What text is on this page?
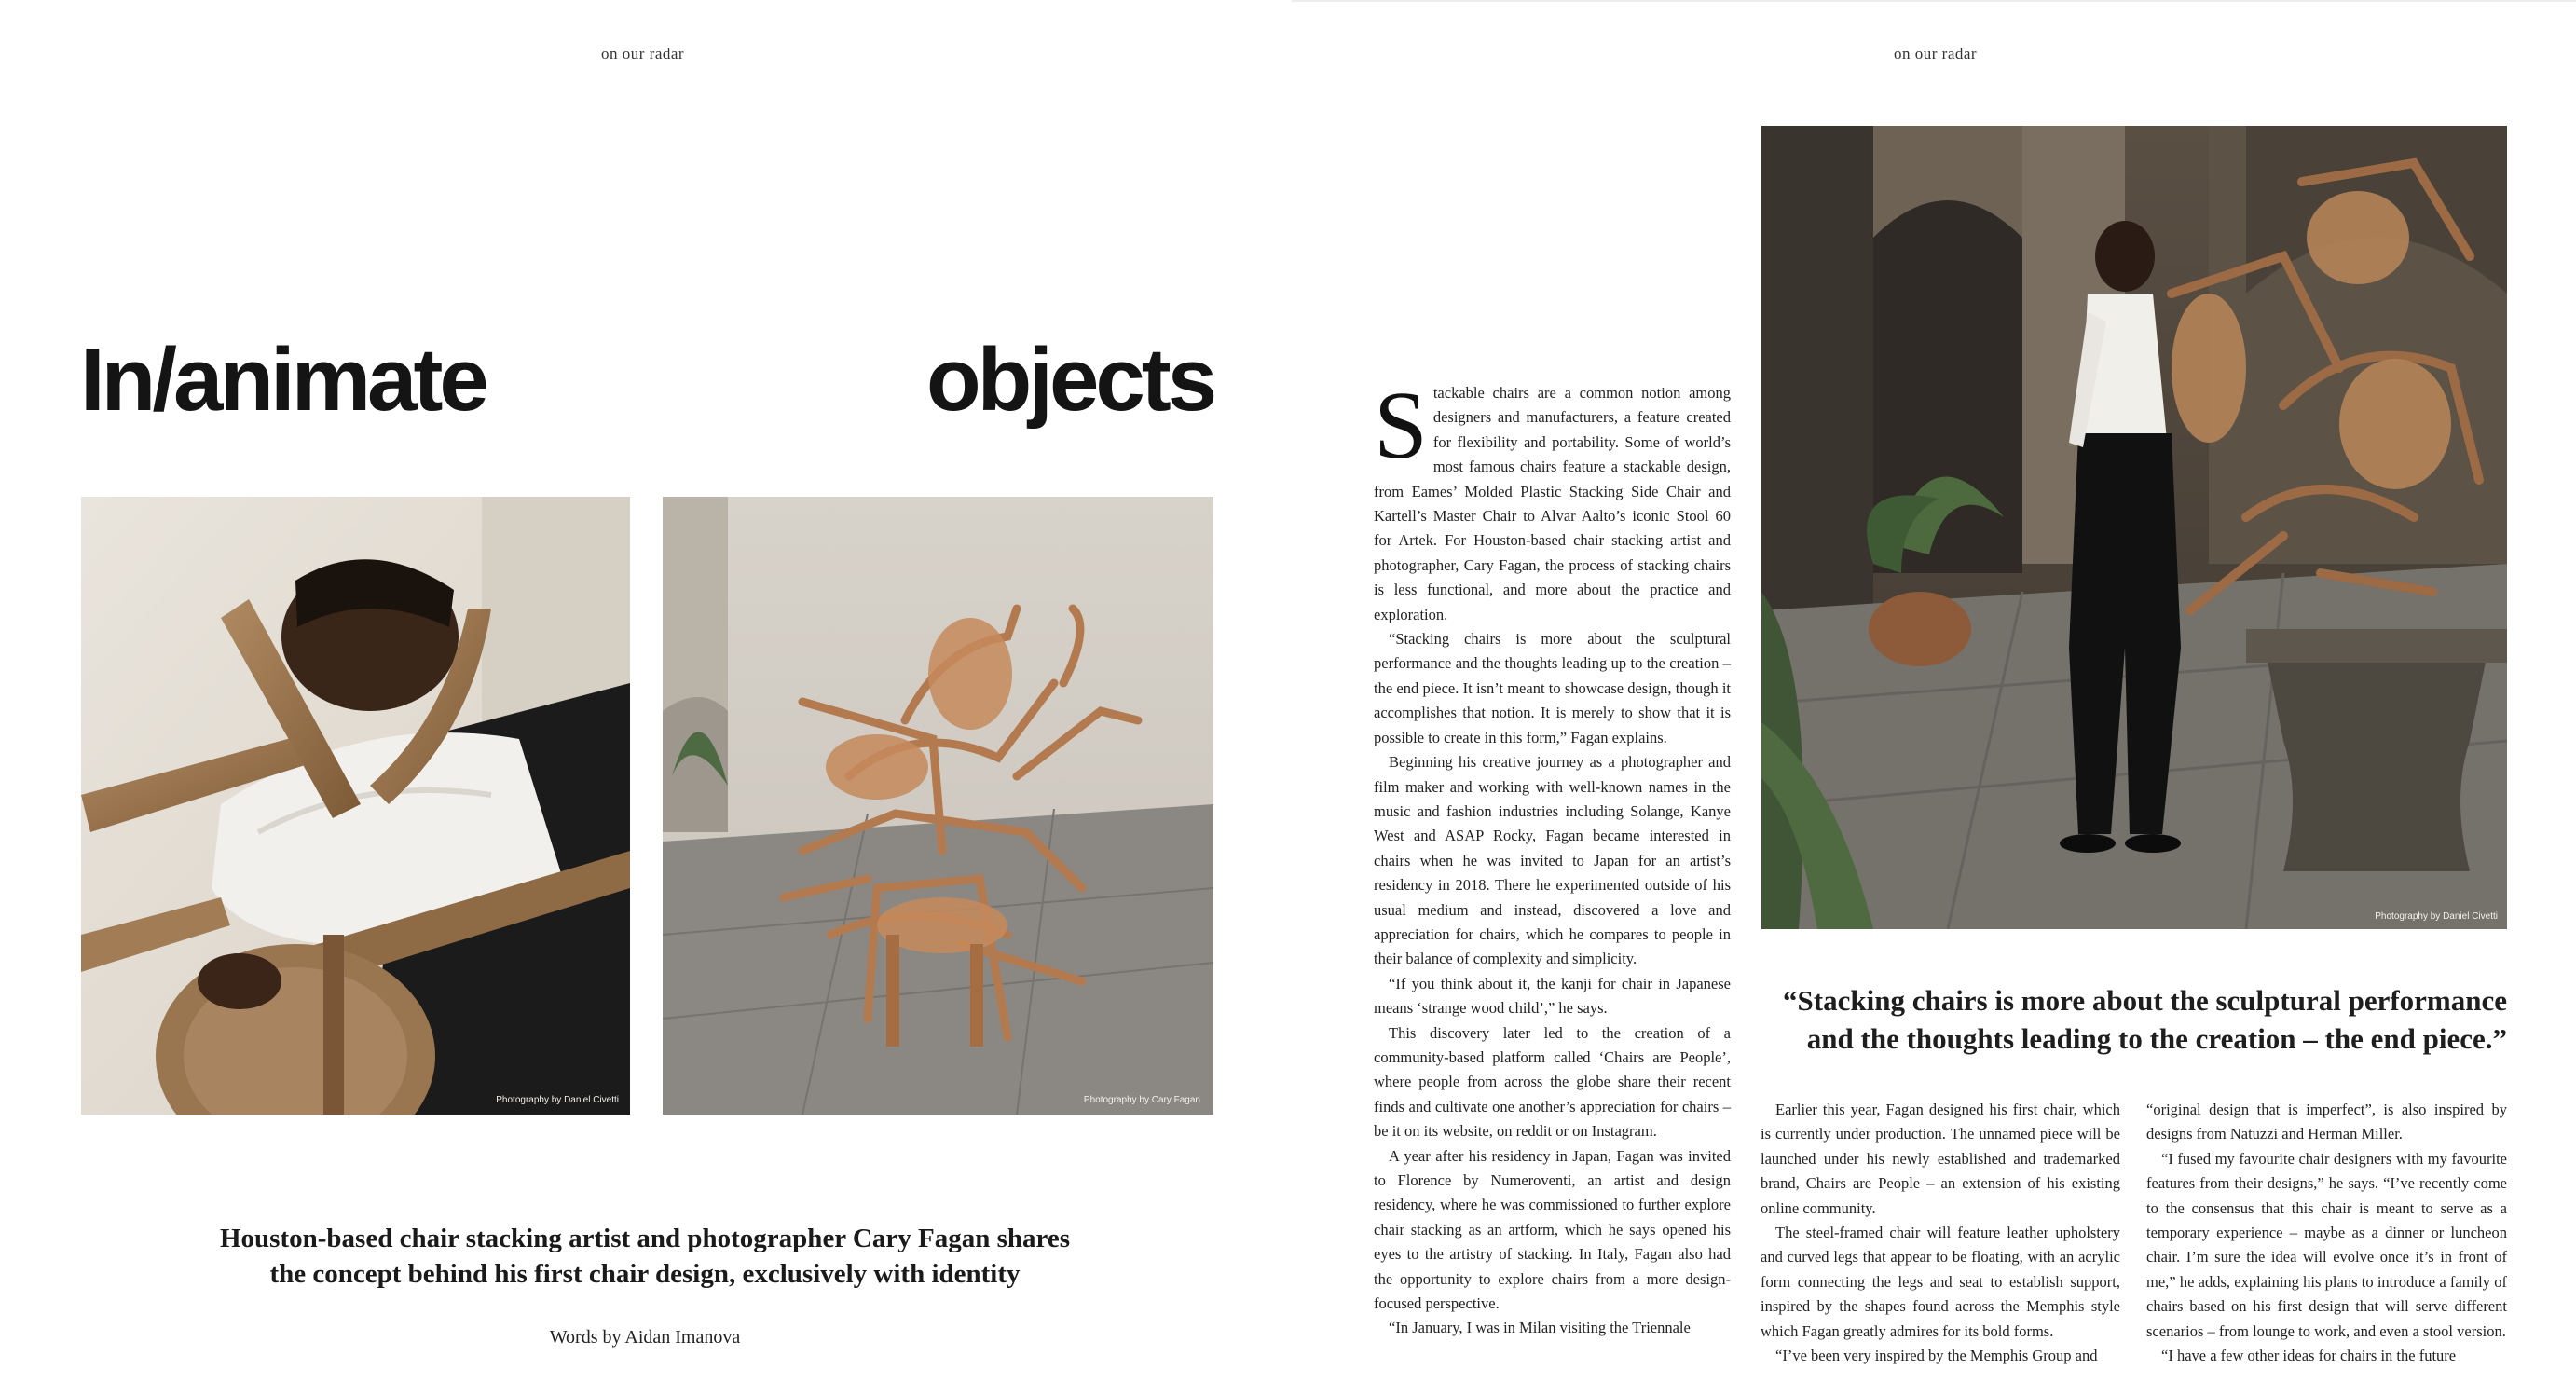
on our radar
In/animate	objects
Photography by Daniel Civetti	Photography by Cary Fagan
Houston-based chair stacking artist and photographer Cary Fagan shares
the concept behind his first chair design, exclusively with identity
Words by Aidan Imanova
on our radar

Stackable chairs are a common notion among designers and manufacturers, a feature created for flexibility and portability. Some of world’s most famous chairs feature a stackable design, from Eames’ Molded Plastic Stacking Side Chair and Kartell’s Master Chair to Alvar Aalto’s iconic Stool 60 for Artek. For Houston-based chair stacking artist and photographer, Cary Fagan, the process of stacking chairs is less functional, and more about the practice and exploration.

“Stacking chairs is more about the sculptural performance and the thoughts leading up to the creation – the end piece. It isn’t meant to showcase design, though it accomplishes that notion. It is merely to show that it is possible to create in this form,” Fagan explains.

Beginning his creative journey as a photographer and film maker and working with well-known names in the music and fashion industries including Solange, Kanye West and ASAP Rocky, Fagan became interested in chairs when he was invited to Japan for an artist’s residency in 2018. There he experimented outside of his usual medium and instead, discovered a love and appreciation for chairs, which he compares to people in their balance of complexity and simplicity.

“If you think about it, the kanji for chair in Japanese means ‘strange wood child’,” he says.

This discovery later led to the creation of a community-based platform called ‘Chairs are People’, where people from across the globe share their recent finds and cultivate one another’s appreciation for chairs – be it on its website, on reddit or on Instagram.

A year after his residency in Japan, Fagan was invited to Florence by Numeroventi, an artist and design residency, where he was commissioned to further explore chair stacking as an artform, which he says opened his eyes to the artistry of stacking. In Italy, Fagan also had the opportunity to explore chairs from a more design-focused perspective.

“In January, I was in Milan visiting the Triennale

Photography by Daniel Civetti
“Stacking chairs is more about the sculptural performance
and the thoughts leading to the creation – the end piece.”

Earlier this year, Fagan designed his first chair, which is currently under production. The unnamed piece will be launched under his newly established and trademarked brand, Chairs are People – an extension of his existing online community.

The steel-framed chair will feature leather upholstery and curved legs that appear to be floating, with an acrylic form connecting the legs and seat to establish support, inspired by the shapes found across the Memphis style which Fagan greatly admires for its bold forms.

“I’ve been very inspired by the Memphis Group and

“original design that is imperfect”, is also inspired by designs from Natuzzi and Herman Miller.

“I fused my favourite chair designers with my favourite features from their designs,” he says. “I’ve recently come to the consensus that this chair is meant to serve as a temporary experience – maybe as a dinner or luncheon chair. I’m sure the idea will evolve once it’s in front of me,” he adds, explaining his plans to introduce a family of chairs based on his first design that will serve different scenarios – from lounge to work, and even a stool version.

“I have a few other ideas for chairs in the future
